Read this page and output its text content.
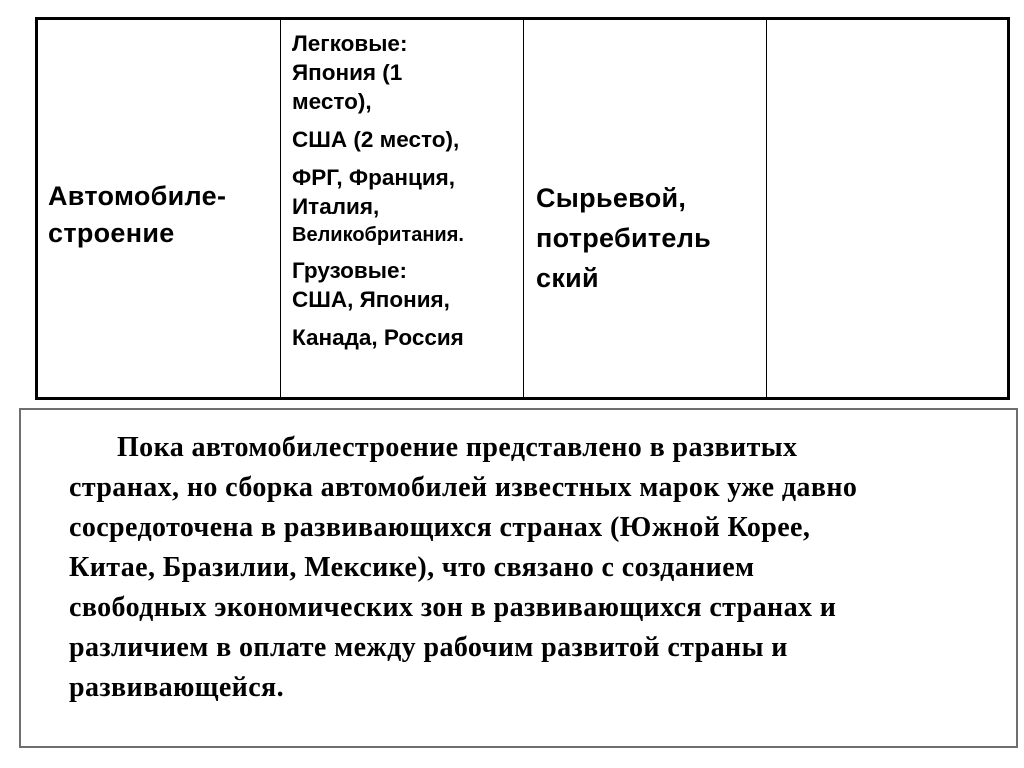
Автомобиле-
строение
Легковые:
Япония (1
место),
США (2 место),
ФРГ, Франция,
Италия,
Великобритания.
Грузовые:
США, Япония,
Канада, Россия
Сырьевой,
потребитель
ский

Пока автомобилестроение представлено в развитых
странах, но сборка автомобилей известных марок уже давно
сосредоточена в развивающихся странах (Южной Корее,
Китае, Бразилии, Мексике), что связано с созданием
свободных экономических зон в развивающихся странах и
различием в оплате между рабочим развитой страны и
развивающейся.
